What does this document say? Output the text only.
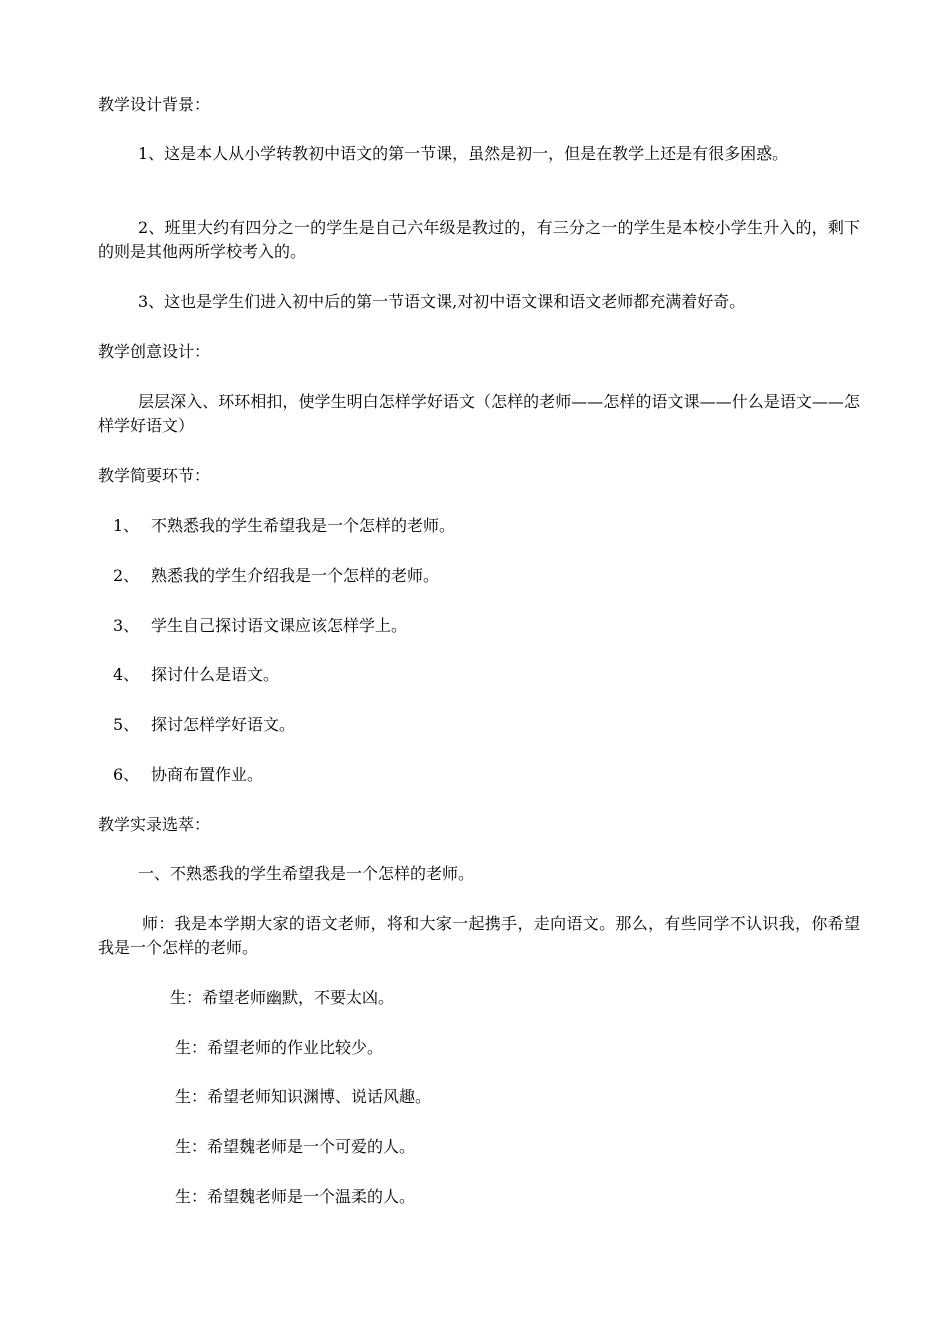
教学设计背景：
1、这是本人从小学转教初中语文的第一节课，虽然是初一，但是在教学上还是有很多困惑。
2、班里大约有四分之一的学生是自己六年级是教过的，有三分之一的学生是本校小学生升入的，剩下的则是其他两所学校考入的。
3、这也是学生们进入初中后的第一节语文课,对初中语文课和语文老师都充满着好奇。
教学创意设计：
层层深入、环环相扣，使学生明白怎样学好语文（怎样的老师——怎样的语文课——什么是语文——怎样学好语文）
教学简要环节：
1、 不熟悉我的学生希望我是一个怎样的老师。
2、 熟悉我的学生介绍我是一个怎样的老师。
3、 学生自己探讨语文课应该怎样学上。
4、 探讨什么是语文。
5、 探讨怎样学好语文。
6、 协商布置作业。
教学实录选萃：
一、不熟悉我的学生希望我是一个怎样的老师。
师：我是本学期大家的语文老师，将和大家一起携手，走向语文。那么，有些同学不认识我，你希望我是一个怎样的老师。
生：希望老师幽默，不要太凶。
生：希望老师的作业比较少。
生：希望老师知识渊博、说话风趣。
生：希望魏老师是一个可爱的人。
生：希望魏老师是一个温柔的人。
